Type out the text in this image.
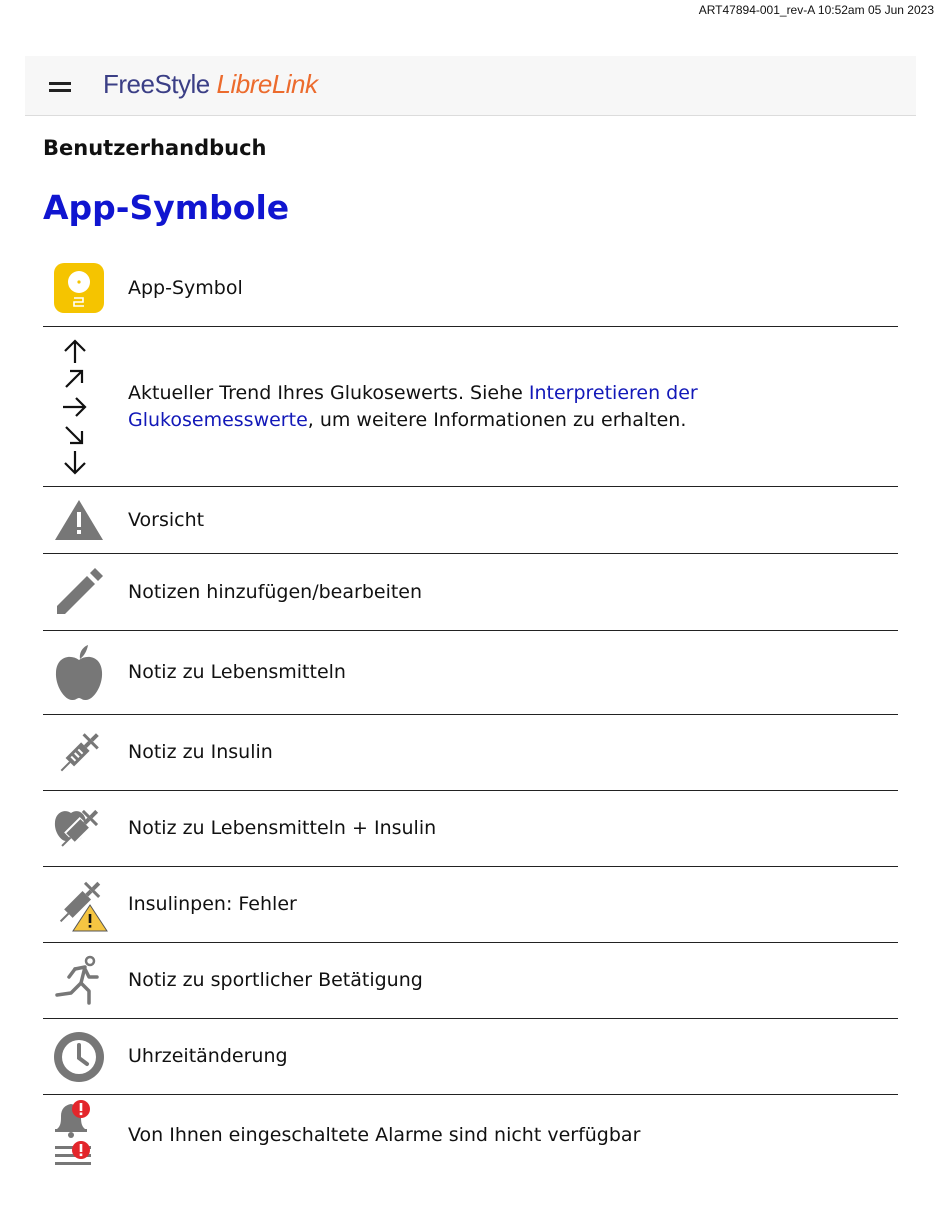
ART47894-001_rev-A 10:52am 05 Jun 2023
FreeStyle LibreLink
Benutzerhandbuch
App-Symbole
App-Symbol
Aktueller Trend Ihres Glukosewerts. Siehe Interpretieren der Glukosemesswerte, um weitere Informationen zu erhalten.
Vorsicht
Notizen hinzufügen/bearbeiten
Notiz zu Lebensmitteln
Notiz zu Insulin
Notiz zu Lebensmitteln + Insulin
Insulinpen: Fehler
Notiz zu sportlicher Betätigung
Uhrzeitänderung
Von Ihnen eingeschaltete Alarme sind nicht verfügbar
